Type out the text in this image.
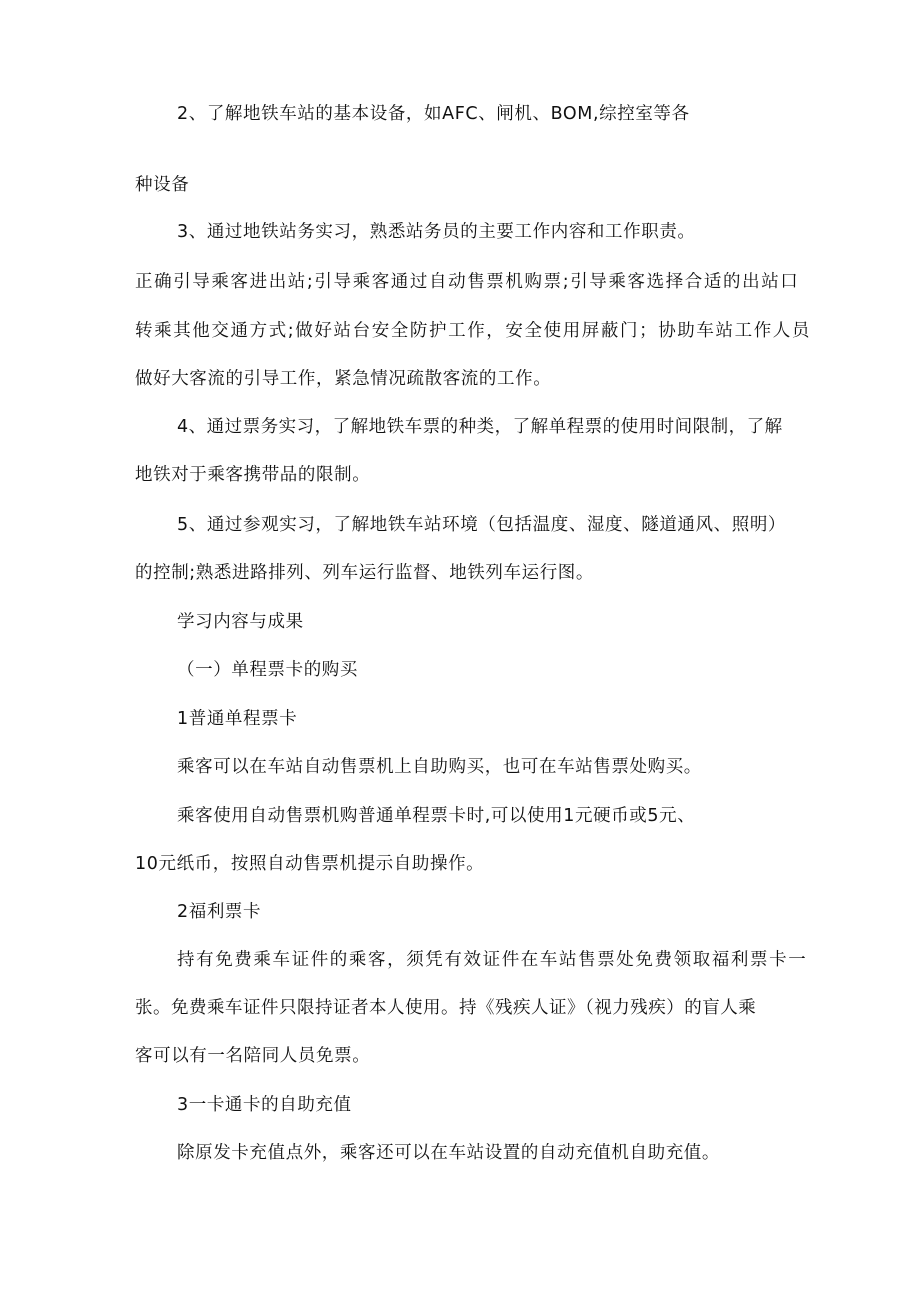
2、了解地铁车站的基本设备，如AFC、闸机、BOM,综控室等各

种设备

3、通过地铁站务实习，熟悉站务员的主要工作内容和工作职责。

正确引导乘客进出站;引导乘客通过自动售票机购票;引导乘客选择合适的出站口

转乘其他交通方式;做好站台安全防护工作，安全使用屏蔽门；协助车站工作人员

做好大客流的引导工作，紧急情况疏散客流的工作。

4、通过票务实习，了解地铁车票的种类，了解单程票的使用时间限制，了解

地铁对于乘客携带品的限制。

5、通过参观实习，了解地铁车站环境（包括温度、湿度、隧道通风、照明）

的控制;熟悉进路排列、列车运行监督、地铁列车运行图。

学习内容与成果

（一）单程票卡的购买

1普通单程票卡

乘客可以在车站自动售票机上自助购买，也可在车站售票处购买。

乘客使用自动售票机购普通单程票卡时,可以使用1元硬币或5元、

10元纸币，按照自动售票机提示自助操作。

2福利票卡

持有免费乘车证件的乘客，须凭有效证件在车站售票处免费领取福利票卡一

张。免费乘车证件只限持证者本人使用。持《残疾人证》（视力残疾）的盲人乘

客可以有一名陪同人员免票。

3一卡通卡的自助充值

除原发卡充值点外，乘客还可以在车站设置的自动充值机自助充值。
